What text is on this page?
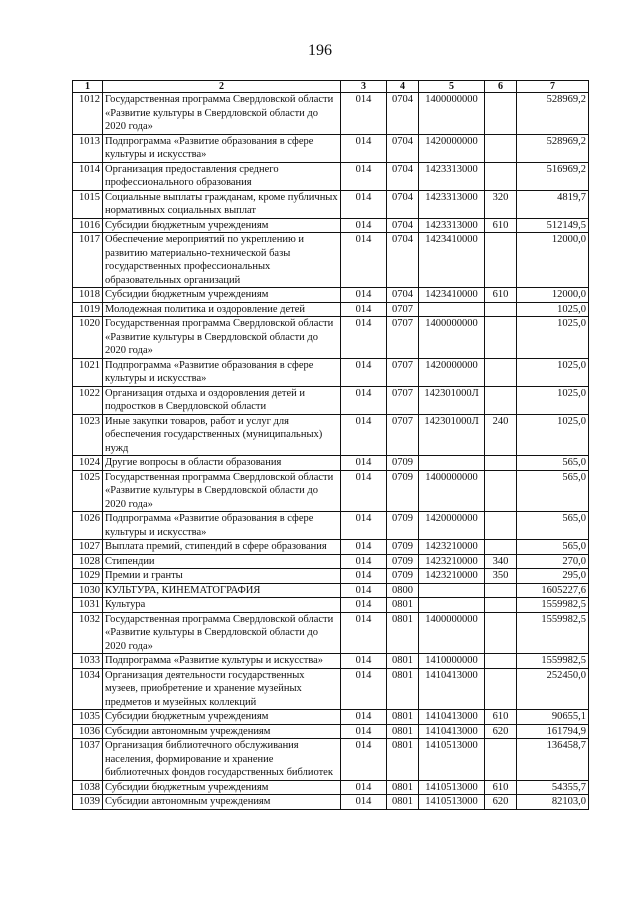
196
1	2	3	4	5	6	7
1012	Государственная программа Свердловской области «Развитие культуры в Свердловской области до 2020 года»	014	0704	1400000000		528969,2
1013	Подпрограмма «Развитие образования в сфере культуры и искусства»	014	0704	1420000000		528969,2
1014	Организация предоставления среднего профессионального образования	014	0704	1423313000		516969,2
1015	Социальные выплаты гражданам, кроме публичных нормативных социальных выплат	014	0704	1423313000	320	4819,7
1016	Субсидии бюджетным учреждениям	014	0704	1423313000	610	512149,5
1017	Обеспечение мероприятий по укреплению и развитию материально-технической базы государственных профессиональных образовательных организаций	014	0704	1423410000		12000,0
1018	Субсидии бюджетным учреждениям	014	0704	1423410000	610	12000,0
1019	Молодежная политика и оздоровление детей	014	0707			1025,0
1020	Государственная программа Свердловской области «Развитие культуры в Свердловской области до 2020 года»	014	0707	1400000000		1025,0
1021	Подпрограмма «Развитие образования в сфере культуры и искусства»	014	0707	1420000000		1025,0
1022	Организация отдыха и оздоровления детей и подростков в Свердловской области	014	0707	142301000Л		1025,0
1023	Иные закупки товаров, работ и услуг для обеспечения государственных (муниципальных) нужд	014	0707	142301000Л	240	1025,0
1024	Другие вопросы в области образования	014	0709			565,0
1025	Государственная программа Свердловской области «Развитие культуры в Свердловской области до 2020 года»	014	0709	1400000000		565,0
1026	Подпрограмма «Развитие образования в сфере культуры и искусства»	014	0709	1420000000		565,0
1027	Выплата премий, стипендий в сфере образования	014	0709	1423210000		565,0
1028	Стипендии	014	0709	1423210000	340	270,0
1029	Премии и гранты	014	0709	1423210000	350	295,0
1030	КУЛЬТУРА, КИНЕМАТОГРАФИЯ	014	0800			1605227,6
1031	Культура	014	0801			1559982,5
1032	Государственная программа Свердловской области «Развитие культуры в Свердловской области до 2020 года»	014	0801	1400000000		1559982,5
1033	Подпрограмма «Развитие культуры и искусства»	014	0801	1410000000		1559982,5
1034	Организация деятельности государственных музеев, приобретение и хранение музейных предметов и музейных коллекций	014	0801	1410413000		252450,0
1035	Субсидии бюджетным учреждениям	014	0801	1410413000	610	90655,1
1036	Субсидии автономным учреждениям	014	0801	1410413000	620	161794,9
1037	Организация библиотечного обслуживания населения, формирование и хранение библиотечных фондов государственных библиотек	014	0801	1410513000		136458,7
1038	Субсидии бюджетным учреждениям	014	0801	1410513000	610	54355,7
1039	Субсидии автономным учреждениям	014	0801	1410513000	620	82103,0
